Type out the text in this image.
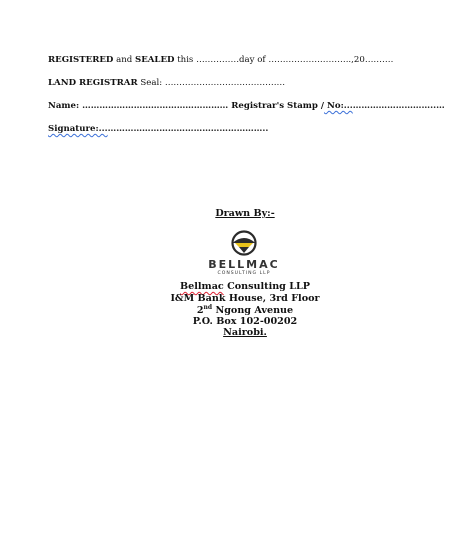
REGISTERED and SEALED this ……………day of ………………………..,20……….
LAND REGISTRAR Seal: ……………………………………
Name: …………………………………………… Registrar's Stamp / No:...………………………..…
Signature:...………………………………………………..
Drawn By:-
BELLMAC
CONSULTING LLP
Bellmac Consulting LLP
I&M Bank House, 3rd Floor
2nd Ngong Avenue
P.O. Box 102-00202
Nairobi.
